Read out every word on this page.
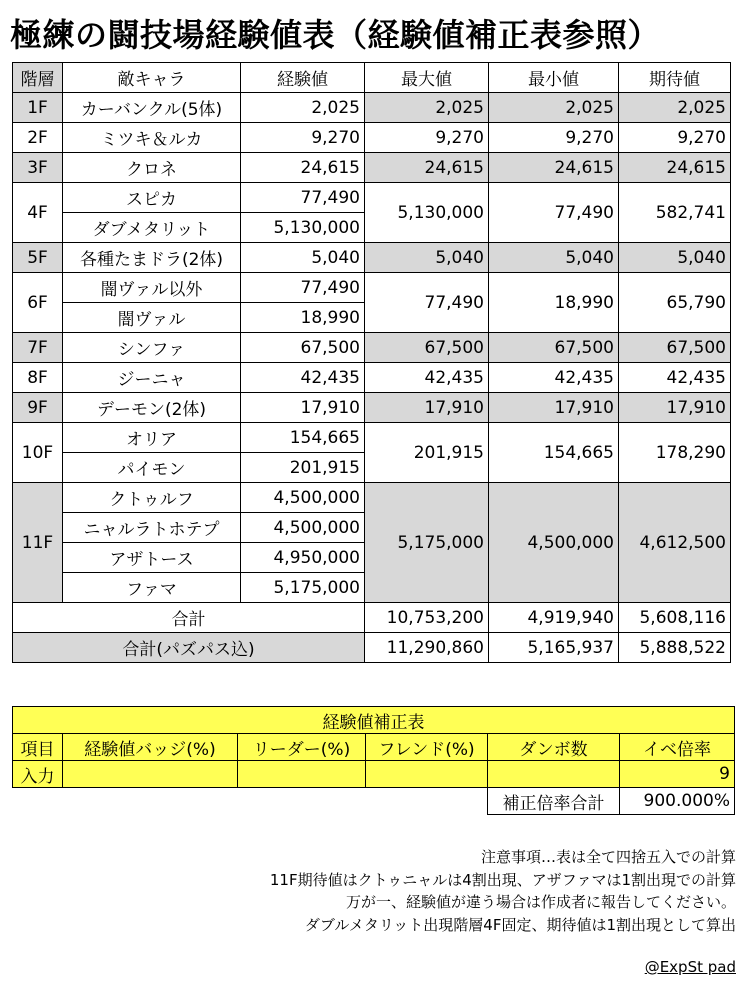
極練の闘技場経験値表（経験値補正表参照）
階層	敵キャラ	経験値	最大値	最小値	期待値
1F	カーバンクル(5体)	2,025	2,025	2,025	2,025
2F	ミツキ＆ルカ	9,270	9,270	9,270	9,270
3F	クロネ	24,615	24,615	24,615	24,615
4F	スピカ	77,490	5,130,000	77,490	582,741
	ダブメタリット	5,130,000			
5F	各種たまドラ(2体)	5,040	5,040	5,040	5,040
6F	闇ヴァル以外	77,490	77,490	18,990	65,790
	闇ヴァル	18,990			
7F	シンファ	67,500	67,500	67,500	67,500
8F	ジーニャ	42,435	42,435	42,435	42,435
9F	デーモン(2体)	17,910	17,910	17,910	17,910
10F	オリア	154,665	201,915	154,665	178,290
	パイモン	201,915			
11F	クトゥルフ	4,500,000	5,175,000	4,500,000	4,612,500
	ニャルラトホテプ	4,500,000			
	アザトース	4,950,000			
	ファマ	5,175,000			
合計			10,753,200	4,919,940	5,608,116
合計(パズパス込)			11,290,860	5,165,937	5,888,522
経験値補正表					
項目	経験値バッジ(%)	リーダー(%)	フレンド(%)	ダンボ数	イベ倍率
入力					9
				補正倍率合計	900.000%
注意事項…表は全て四捨五入での計算
11F期待値はクトゥニャルは4割出現、アザファマは1割出現での計算
万が一、経験値が違う場合は作成者に報告してください。
ダブルメタリット出現階層4F固定、期待値は1割出現として算出
@ExpSt pad
